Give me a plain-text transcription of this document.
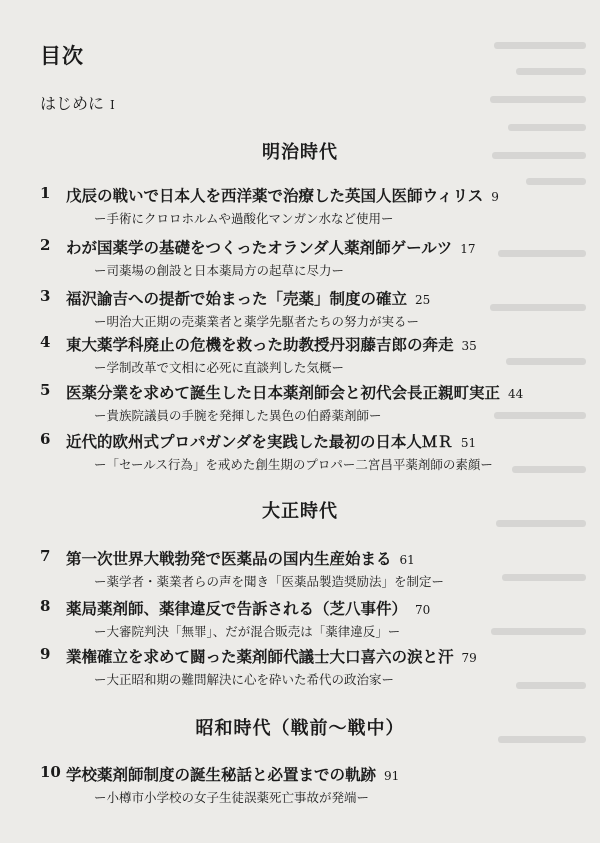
目次
はじめに I
明治時代
1 戊辰の戦いで日本人を西洋薬で治療した英国人医師ウィリス 9
ー手術にクロロホルムや過酸化マンガン水など使用ー
2 わが国薬学の基礎をつくったオランダ人薬剤師ゲールツ 17
ー司薬場の創設と日本薬局方の起草に尽力ー
3 福沢諭吉への提斱で始まった「売薬」制度の確立 25
ー明治大正期の売薬業者と薬学先駆者たちの努力が実るー
4 東大薬学科廃止の危機を救った助教授丹羽藤吉郎の奔走 35
ー学制改革で文相に必死に直談判した気概ー
5 医薬分業を求めて誕生した日本薬剤師会と初代会長正親町実正 44
ー貴族院議員の手腕を発揮した異色の伯爵薬剤師ー
6 近代的欧州式プロパガンダを実践した最初の日本人ＭＲ 51
ー「セールス行為」を戒めた創生期のプロパー二宮昌平薬剤師の素顔ー
大正時代
7 第一次世界大戦勃発で医薬品の国内生産始まる 61
ー薬学者・薬業者らの声を聞き「医薬品製造奨励法」を制定ー
8 薬局薬剤師、薬律違反で告訴される（芝八事件） 70
ー大審院判決「無罪」、だが混合販売は「薬律違反」ー
9 業権確立を求めて闘った薬剤師代議士大口喜六の涙と汗 79
ー大正昭和期の難問解決に心を砕いた希代の政治家ー
昭和時代（戦前〜戦中）
10 学校薬剤師制度の誕生秘話と必置までの軌跡 91
ー小樽市小学校の女子生徒誤薬死亡事故が発端ー
